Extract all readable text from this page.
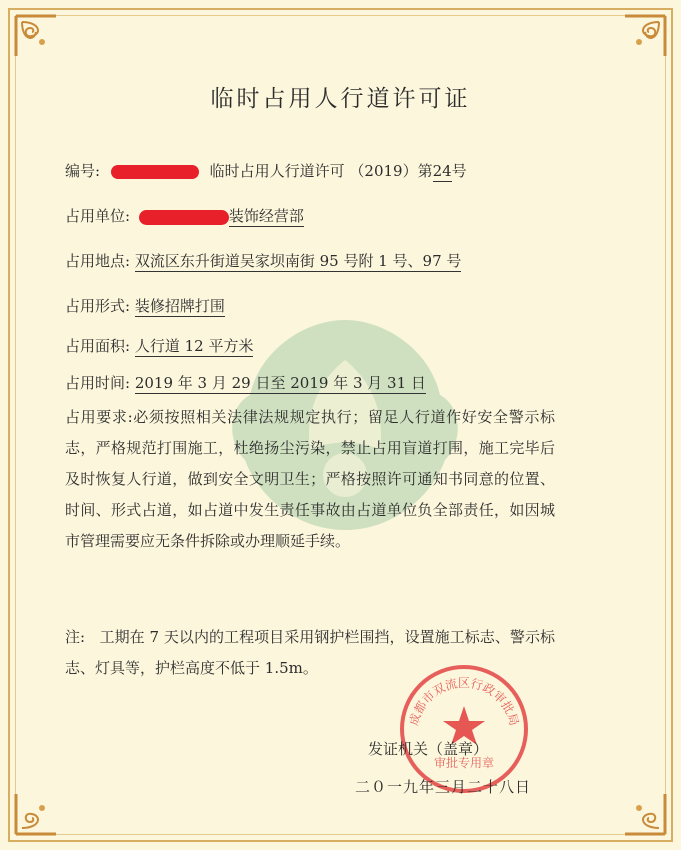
临时占用人行道许可证
编号:	临时占用人行道许可 （2019）第24号
占用单位:	装饰经营部
占用地点: 双流区东升街道吴家坝南街 95 号附 1 号、97 号
占用形式: 装修招牌打围
占用面积: 人行道 12 平方米
占用时间: 2019 年 3 月 29 日至 2019 年 3 月 31 日
占用要求:必须按照相关法律法规规定执行；留足人行道作好安全警示标志，严格规范打围施工，杜绝扬尘污染，禁止占用盲道打围，施工完毕后及时恢复人行道，做到安全文明卫生；严格按照许可通知书同意的位置、时间、形式占道，如占道中发生责任事故由占道单位负全部责任，如因城市管理需要应无条件拆除或办理顺延手续。
注: 工期在 7 天以内的工程项目采用钢护栏围挡，设置施工标志、警示标志、灯具等，护栏高度不低于 1.5m。
成都市双流区行政审批局
审批专用章
发证机关（盖章）
二０一九年三月二十八日
